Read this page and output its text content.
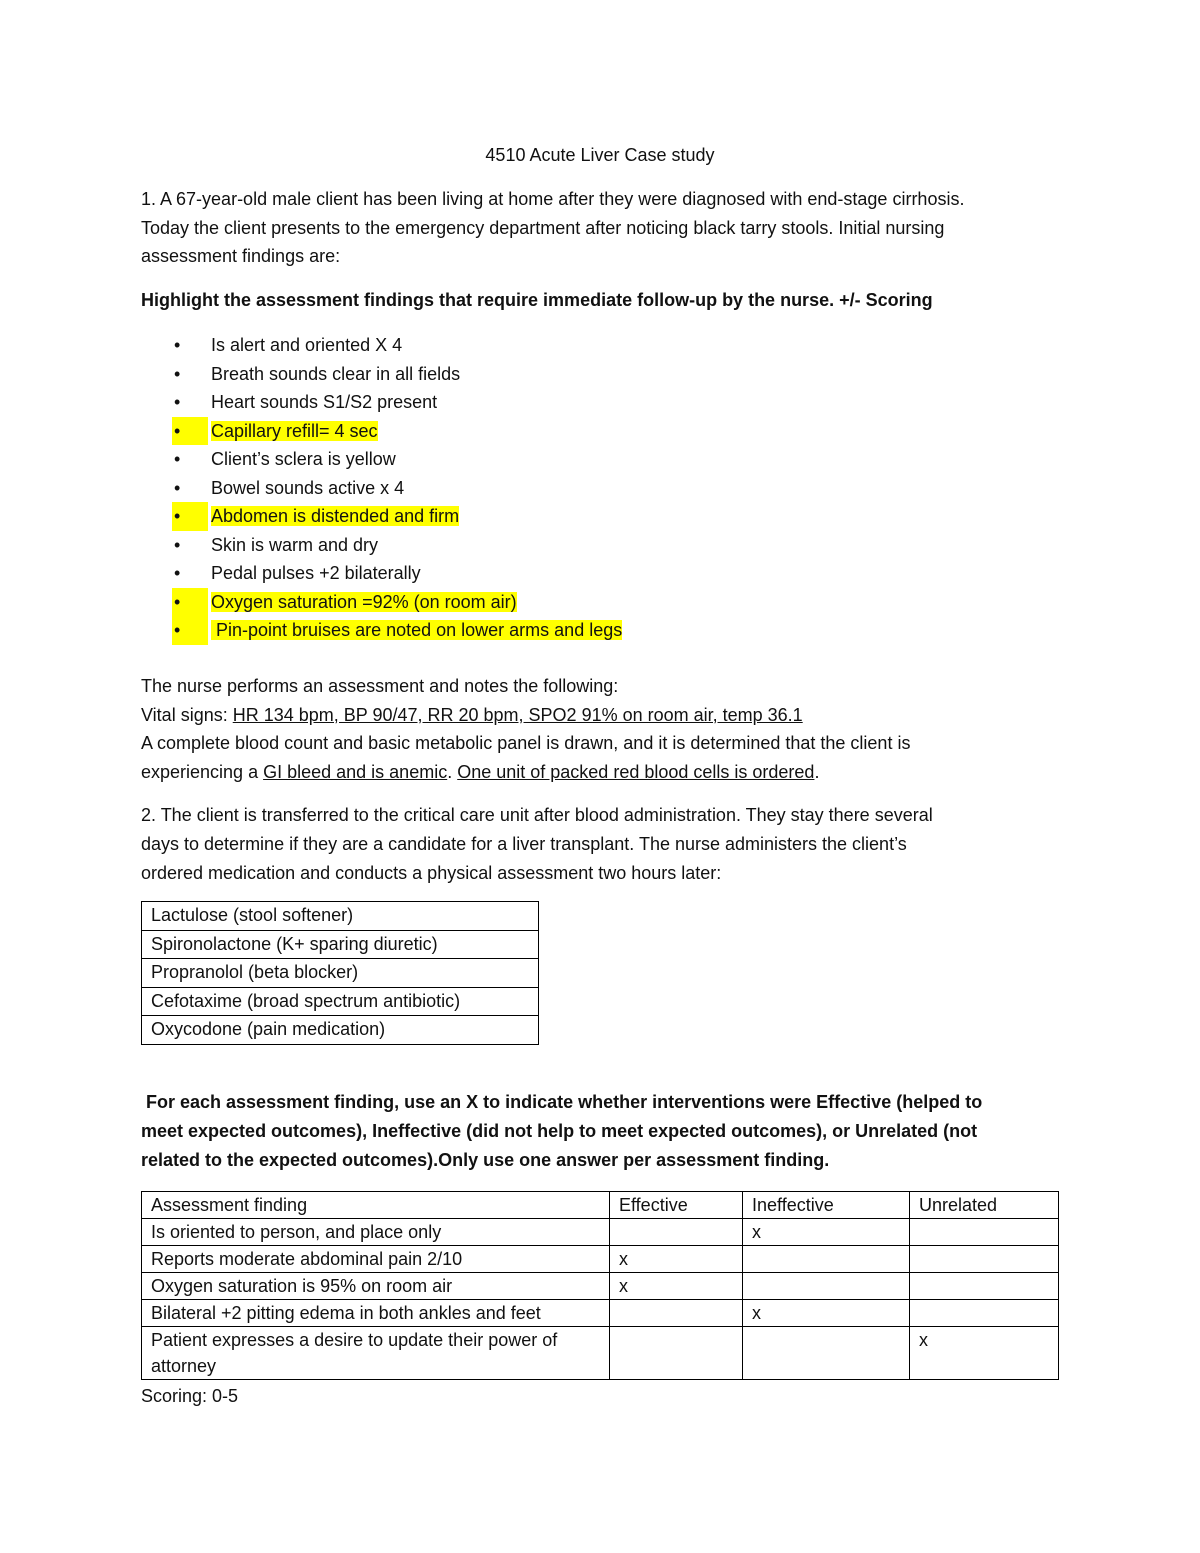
4510 Acute Liver Case study
1. A 67-year-old male client has been living at home after they were diagnosed with end-stage cirrhosis.
Today the client presents to the emergency department after noticing black tarry stools. Initial nursing
assessment findings are:
Highlight the assessment findings that require immediate follow-up by the nurse. +/- Scoring
• Is alert and oriented X 4
• Breath sounds clear in all fields
• Heart sounds S1/S2 present
•	Capillary refill= 4 sec
• Client’s sclera is yellow
• Bowel sounds active x 4
•	Abdomen is distended and firm
• Skin is warm and dry
• Pedal pulses +2 bilaterally
•	Oxygen saturation =92% (on room air)
•	Pin-point bruises are noted on lower arms and legs
The nurse performs an assessment and notes the following:
Vital signs: HR 134 bpm, BP 90/47, RR 20 bpm, SPO2 91% on room air, temp 36.1
A complete blood count and basic metabolic panel is drawn, and it is determined that the client is
experiencing a GI bleed and is anemic. One unit of packed red blood cells is ordered.
2. The client is transferred to the critical care unit after blood administration. They stay there several
days to determine if they are a candidate for a liver transplant. The nurse administers the client’s
ordered medication and conducts a physical assessment two hours later:
Lactulose (stool softener)
Spironolactone (K+ sparing diuretic)
Propranolol (beta blocker)
Cefotaxime (broad spectrum antibiotic)
Oxycodone (pain medication)
For each assessment finding, use an X to indicate whether interventions were Effective (helped to
meet expected outcomes), Ineffective (did not help to meet expected outcomes), or Unrelated (not
related to the expected outcomes).Only use one answer per assessment finding.
Assessment finding	Effective	Ineffective	Unrelated
Is oriented to person, and place only		x	
Reports moderate abdominal pain 2/10	x		
Oxygen saturation is 95% on room air	x		
Bilateral +2 pitting edema in both ankles and feet		x	
Patient expresses a desire to update their power of attorney			x
Scoring: 0-5
